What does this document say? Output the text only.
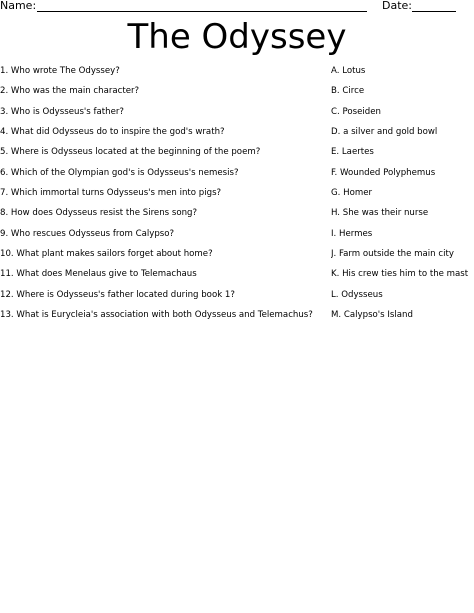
Name:	Date:
The Odyssey
1. Who wrote The Odyssey?
2. Who was the main character?
3. Who is Odysseus's father?
4. What did Odysseus do to inspire the god's wrath?
5. Where is Odysseus located at the beginning of the poem?
6. Which of the Olympian god's is Odysseus's nemesis?
7. Which immortal turns Odysseus's men into pigs?
8. How does Odysseus resist the Sirens song?
9. Who rescues Odysseus from Calypso?
10. What plant makes sailors forget about home?
11. What does Menelaus give to Telemachaus
12. Where is Odysseus's father located during book 1?
13. What is Eurycleia's association with both Odysseus and Telemachus?
A. Lotus
B. Circe
C. Poseiden
D. a silver and gold bowl
E. Laertes
F. Wounded Polyphemus
G. Homer
H. She was their nurse
I. Hermes
J. Farm outside the main city
K. His crew ties him to the mast
L. Odysseus
M. Calypso's Island
